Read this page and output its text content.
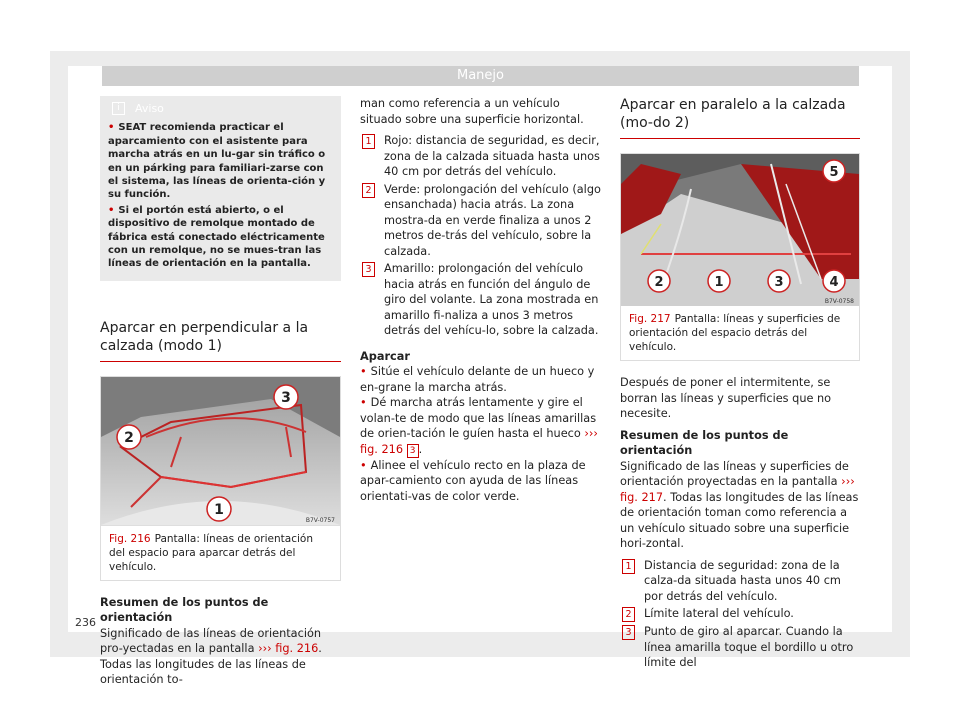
Manejo
i	Aviso

• SEAT recomienda practicar el aparcamiento con el asistente para marcha atrás en un lu-gar sin tráfico o en un párking para familiari-zarse con el sistema, las líneas de orienta-ción y su función.

• Si el portón está abierto, o el dispositivo de remolque montado de fábrica está conectado eléctricamente con un remolque, no se mues-tran las líneas de orientación en la pantalla.

Aparcar en perpendicular a la calzada (modo 1)
1
2
3
B7V-0757
Fig. 216 Pantalla: líneas de orientación del espacio para aparcar detrás del vehículo.

Resumen de los puntos de orientación

Significado de las líneas de orientación pro-yectadas en la pantalla ››› fig. 216. Todas las longitudes de las líneas de orientación to-

man como referencia a un vehículo situado sobre una superficie horizontal.

1	Rojo: distancia de seguridad, es decir, zona de la calzada situada hasta unos 40 cm por detrás del vehículo.
2	Verde: prolongación del vehículo (algo ensanchada) hacia atrás. La zona mostra-da en verde finaliza a unos 2 metros de-trás del vehículo, sobre la calzada.
3	Amarillo: prolongación del vehículo hacia atrás en función del ángulo de giro del volante. La zona mostrada en amarillo fi-naliza a unos 3 metros detrás del vehícu-lo, sobre la calzada.

Aparcar

• Sitúe el vehículo delante de un hueco y en-grane la marcha atrás.

• Dé marcha atrás lentamente y gire el volan-te de modo que las líneas amarillas de orien-tación le guíen hasta el hueco ››› fig. 216 3 .

• Alinee el vehículo recto en la plaza de apar-camiento con ayuda de las líneas orientati-vas de color verde.

Aparcar en paralelo a la calzada (mo-do 2)
5
2	1	3	4
B7V-0758
Fig. 217 Pantalla: líneas y superficies de orientación del espacio detrás del vehículo.

Después de poner el intermitente, se borran las líneas y superficies que no necesite.

Resumen de los puntos de orientación

Significado de las líneas y superficies de orientación proyectadas en la pantalla ››› fig. 217. Todas las longitudes de las líneas de orientación toman como referencia a un vehículo situado sobre una superficie hori-zontal.

1	Distancia de seguridad: zona de la calza-da situada hasta unos 40 cm por detrás del vehículo.
2	Límite lateral del vehículo.
3	Punto de giro al aparcar. Cuando la línea amarilla toque el bordillo u otro límite del
236
